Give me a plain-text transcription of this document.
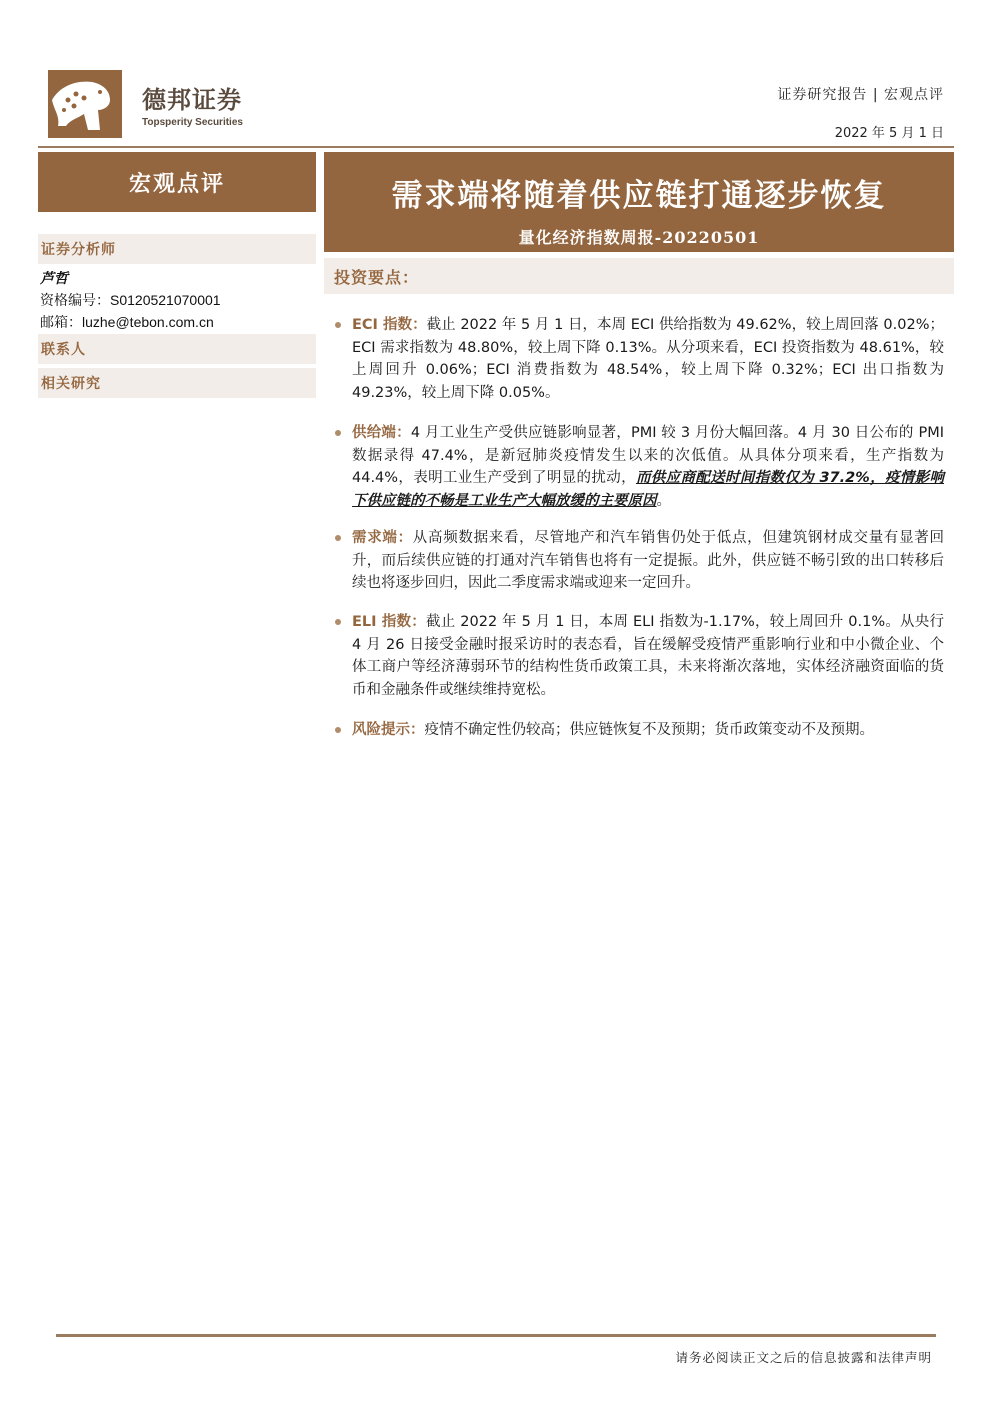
德邦证券
Topsperity Securities
证券研究报告 | 宏观点评
2022 年 5 月 1 日
宏观点评
证券分析师
芦哲
资格编号：S0120521070001
邮箱：luzhe@tebon.com.cn
联系人
相关研究
需求端将随着供应链打通逐步恢复
量化经济指数周报-20220501
投资要点：
ECI 指数：截止 2022 年 5 月 1 日，本周 ECI 供给指数为 49.62%，较上周回落 0.02%；ECI 需求指数为 48.80%，较上周下降 0.13%。从分项来看，ECI 投资指数为 48.61%，较上周回升 0.06%；ECI 消费指数为 48.54%，较上周下降 0.32%；ECI 出口指数为 49.23%，较上周下降 0.05%。
供给端：4 月工业生产受供应链影响显著，PMI 较 3 月份大幅回落。4 月 30 日公布的 PMI 数据录得 47.4%，是新冠肺炎疫情发生以来的次低值。从具体分项来看，生产指数为 44.4%，表明工业生产受到了明显的扰动，而供应商配送时间指数仅为 37.2%，疫情影响下供应链的不畅是工业生产大幅放缓的主要原因。
需求端：从高频数据来看，尽管地产和汽车销售仍处于低点，但建筑钢材成交量有显著回升，而后续供应链的打通对汽车销售也将有一定提振。此外，供应链不畅引致的出口转移后续也将逐步回归，因此二季度需求端或迎来一定回升。
ELI 指数：截止 2022 年 5 月 1 日，本周 ELI 指数为-1.17%，较上周回升 0.1%。从央行 4 月 26 日接受金融时报采访时的表态看，旨在缓解受疫情严重影响行业和中小微企业、个体工商户等经济薄弱环节的结构性货币政策工具，未来将渐次落地，实体经济融资面临的货币和金融条件或继续维持宽松。
风险提示：疫情不确定性仍较高；供应链恢复不及预期；货币政策变动不及预期。
请务必阅读正文之后的信息披露和法律声明
